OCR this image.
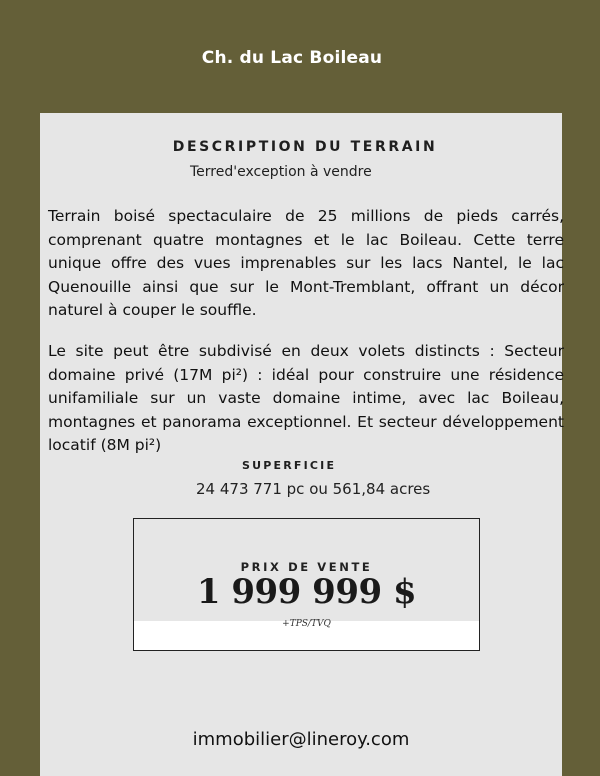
Ch. du Lac Boileau
DESCRIPTION DU TERRAIN
Terred'exception à vendre

Terrain boisé spectaculaire de 25 millions de pieds carrés, comprenant quatre montagnes et le lac Boileau. Cette terre unique offre des vues imprenables sur les lacs Nantel, le lac Quenouille ainsi que sur le Mont-Tremblant, offrant un décor naturel à couper le souffle.

Le site peut être subdivisé en deux volets distincts : Secteur domaine privé (17M pi²) : idéal pour construire une résidence unifamiliale sur un vaste domaine intime, avec lac Boileau, montagnes et panorama exceptionnel. Et secteur développement locatif (8M pi²)

SUPERFICIE
24 473 771 pc ou 561,84 acres
PRIX DE VENTE
1 999 999 $
+TPS/TVQ
immobilier@lineroy.com
